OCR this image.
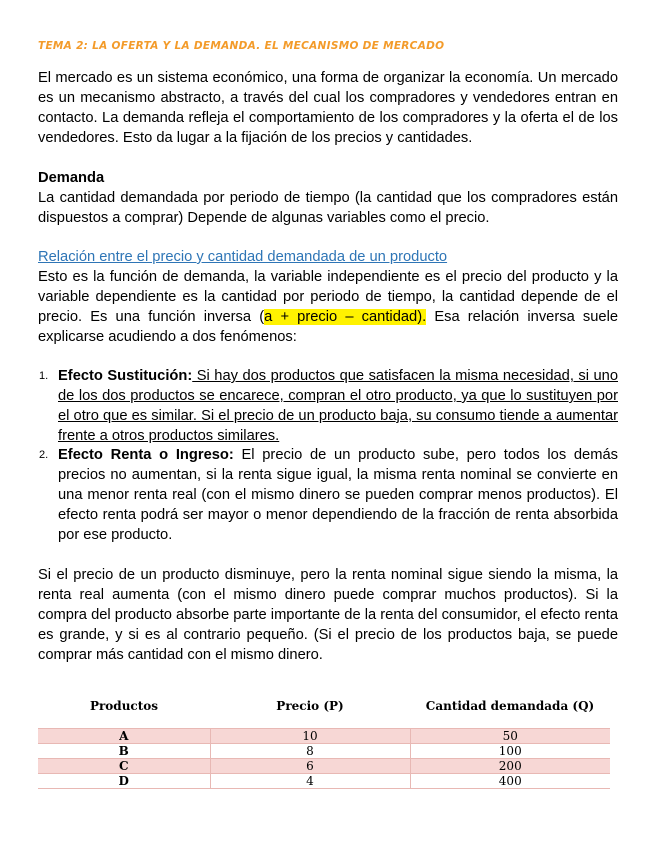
TEMA 2: LA OFERTA Y LA DEMANDA. EL MECANISMO DE MERCADO
El mercado es un sistema económico, una forma de organizar la economía. Un mercado es un mecanismo abstracto, a través del cual los compradores y vendedores entran en contacto. La demanda refleja el comportamiento de los compradores y la oferta el de los vendedores. Esto da lugar a la fijación de los precios y cantidades.
Demanda
La cantidad demandada por periodo de tiempo (la cantidad que los compradores están dispuestos a comprar) Depende de algunas variables como el precio.
Relación entre el precio y cantidad demandada de un producto
Esto es la función de demanda, la variable independiente es el precio del producto y la variable dependiente es la cantidad por periodo de tiempo, la cantidad depende de el precio. Es una función inversa (a + precio – cantidad). Esa relación inversa suele explicarse acudiendo a dos fenómenos:
1. Efecto Sustitución: Si hay dos productos que satisfacen la misma necesidad, si uno de los dos productos se encarece, compran el otro producto, ya que lo sustituyen por el otro que es similar. Si el precio de un producto baja, su consumo tiende a aumentar frente a otros productos similares.
2. Efecto Renta o Ingreso: El precio de un producto sube, pero todos los demás precios no aumentan, si la renta sigue igual, la misma renta nominal se convierte en una menor renta real (con el mismo dinero se pueden comprar menos productos). El efecto renta podrá ser mayor o menor dependiendo de la fracción de renta absorbida por ese producto.
Si el precio de un producto disminuye, pero la renta nominal sigue siendo la misma, la renta real aumenta (con el mismo dinero puede comprar muchos productos). Si la compra del producto absorbe parte importante de la renta del consumidor, el efecto renta es grande, y si es al contrario pequeño. (Si el precio de los productos baja, se puede comprar más cantidad con el mismo dinero.
Productos	Precio (P)	Cantidad demandada (Q)

A	10	50
B	8	100
C	6	200
D	4	400
